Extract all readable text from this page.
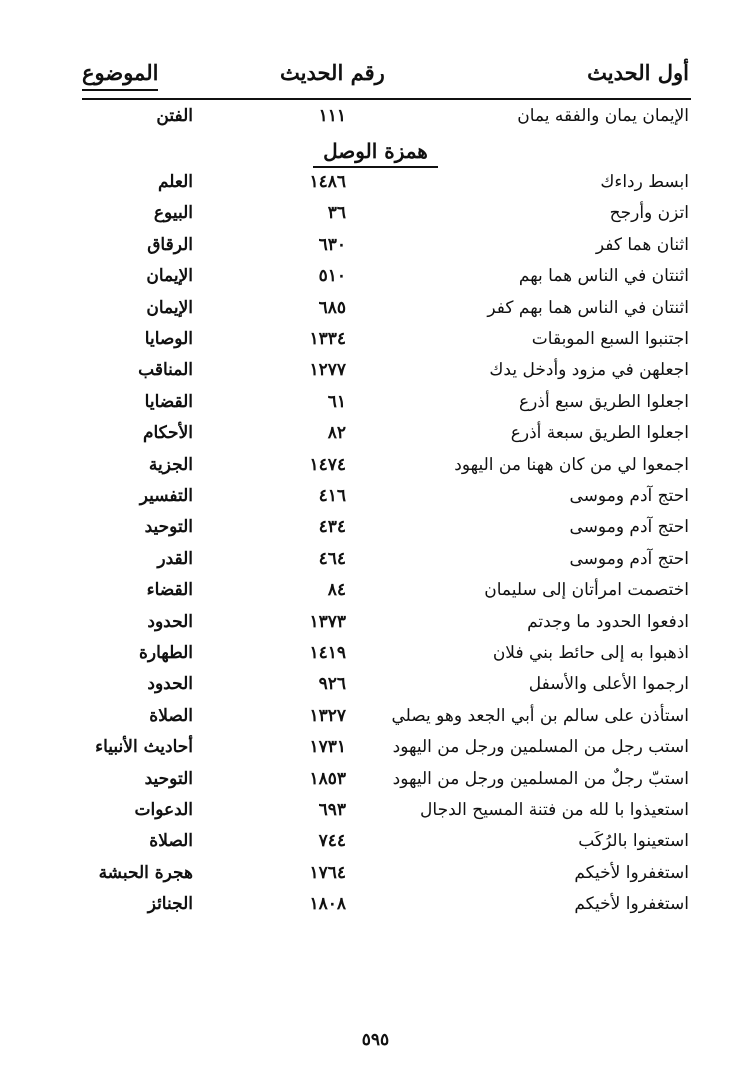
أول الحديث
رقم الحديث
الموضوع
الإيمان يمان والفقه يمان
١١١
الفتن
همزة الوصل
ابسط رداءك
١٤٨٦
العلم
اتزن وأرجح
٣٦
البيوع
اثنان هما كفر
٦٣٠
الرقاق
اثنتان في الناس هما بهم
٥١٠
الإيمان
اثنتان في الناس هما بهم كفر
٦٨٥
الإيمان
اجتنبوا السبع الموبقات
١٣٣٤
الوصايا
اجعلهن في مزود وأدخل يدك
١٢٧٧
المناقب
اجعلوا الطريق سبع أذرع
٦١
القضايا
اجعلوا الطريق سبعة أذرع
٨٢
الأحكام
اجمعوا لي من كان ههنا من اليهود
١٤٧٤
الجزية
احتج آدم وموسى
٤١٦
التفسير
احتج آدم وموسى
٤٣٤
التوحيد
احتج آدم وموسى
٤٦٤
القدر
اختصمت امرأتان إلى سليمان
٨٤
القضاء
ادفعوا الحدود ما وجدتم
١٣٧٣
الحدود
اذهبوا به إلى حائط بني فلان
١٤١٩
الطهارة
ارجموا الأعلى والأسفل
٩٢٦
الحدود
استأذن على سالم بن أبي الجعد وهو يصلي
١٣٢٧
الصلاة
استب رجل من المسلمين ورجل من اليهود
١٧٣١
أحاديث الأنبياء
استبّ رجلٌ من المسلمين ورجل من اليهود
١٨٥٣
التوحيد
استعيذوا با لله من فتنة المسيح الدجال
٦٩٣
الدعوات
استعينوا بالرُكَب
٧٤٤
الصلاة
استغفروا لأخيكم
١٧٦٤
هجرة الحبشة
استغفروا لأخيكم
١٨٠٨
الجنائز
٥٩٥
